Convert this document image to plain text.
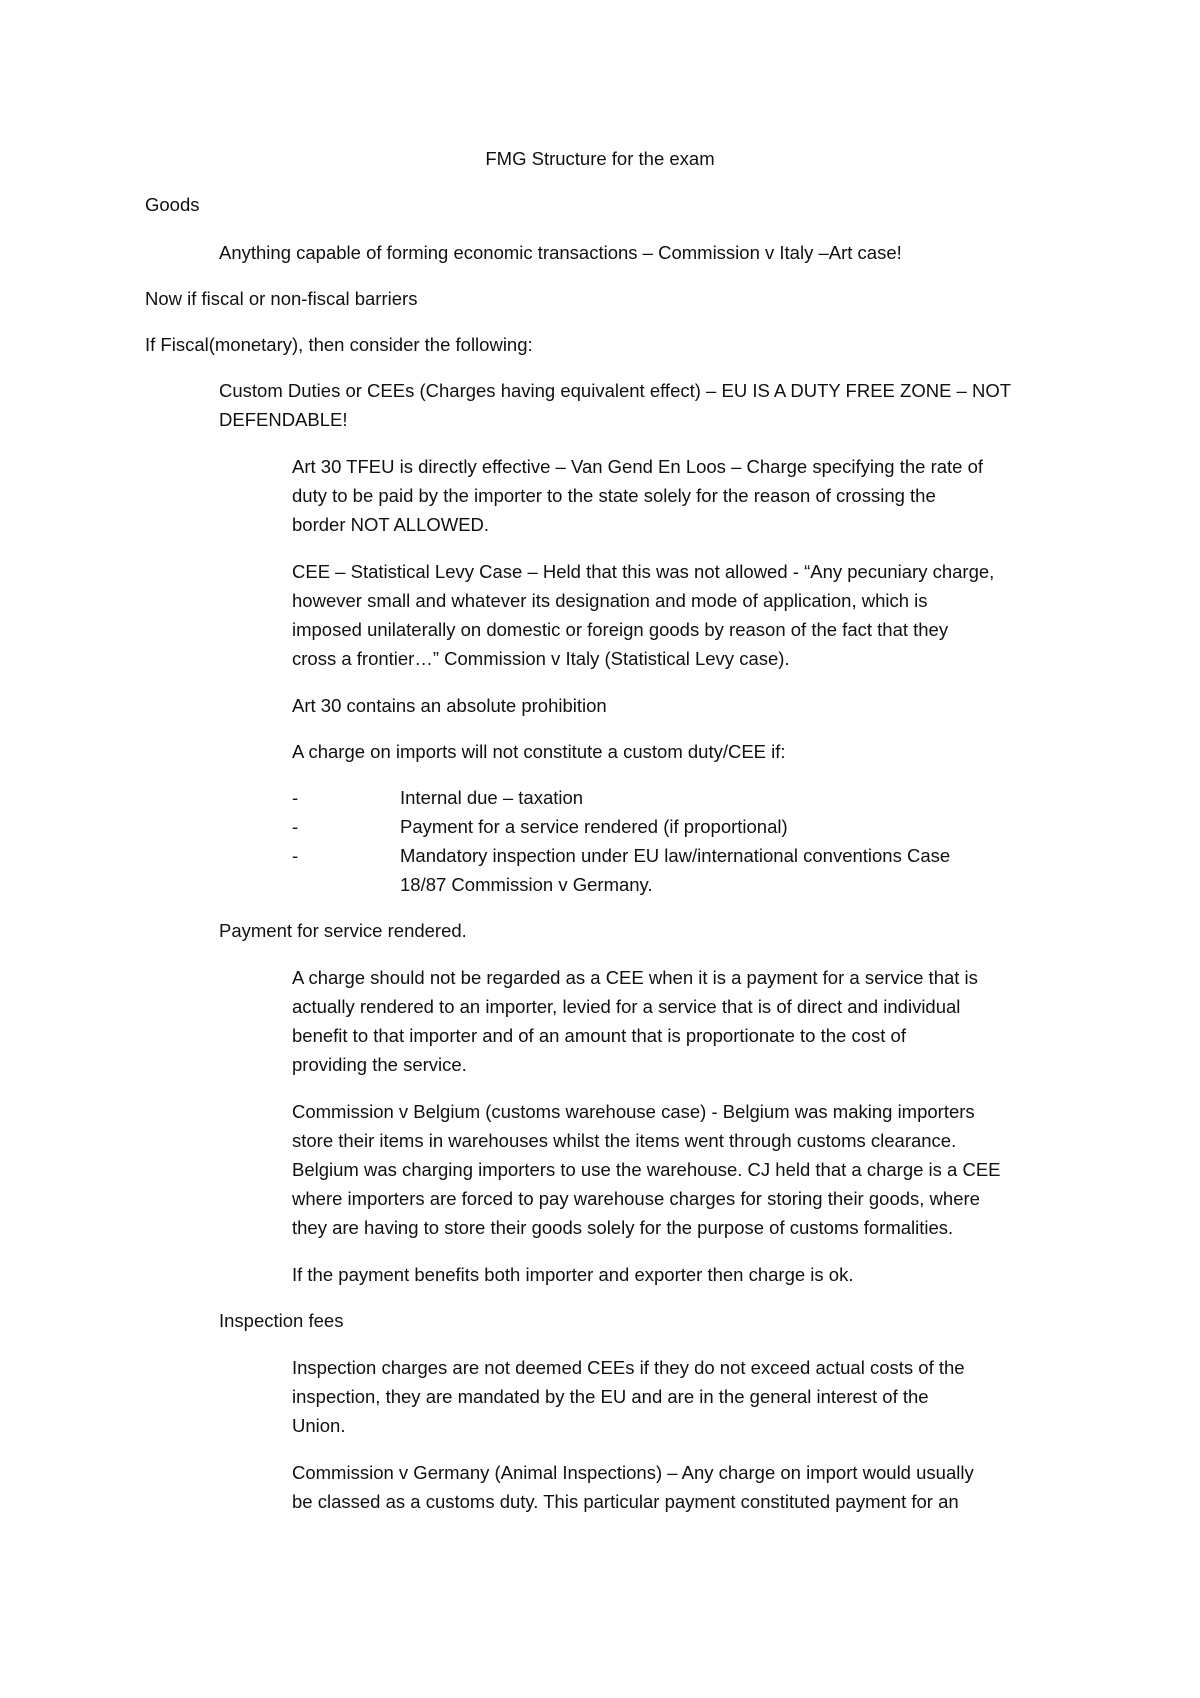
FMG Structure for the exam
Goods
Anything capable of forming economic transactions – Commission v Italy –Art case!
Now if fiscal or non-fiscal barriers
If Fiscal(monetary), then consider the following:
Custom Duties or CEEs (Charges having equivalent effect) – EU IS A DUTY FREE ZONE – NOT
DEFENDABLE!
Art 30 TFEU is directly effective – Van Gend En Loos – Charge specifying the rate of
duty to be paid by the importer to the state solely for the reason of crossing the
border NOT ALLOWED.
CEE – Statistical Levy Case – Held that this was not allowed - “Any pecuniary charge,
however small and whatever its designation and mode of application, which is
imposed unilaterally on domestic or foreign goods by reason of the fact that they
cross a frontier…” Commission v Italy (Statistical Levy case).
Art 30 contains an absolute prohibition
A charge on imports will not constitute a custom duty/CEE if:
-	Internal due – taxation
-	Payment for a service rendered (if proportional)
-	Mandatory inspection under EU law/international conventions Case
18/87 Commission v Germany.
Payment for service rendered.
A charge should not be regarded as a CEE when it is a payment for a service that is
actually rendered to an importer, levied for a service that is of direct and individual
benefit to that importer and of an amount that is proportionate to the cost of
providing the service.
Commission v Belgium (customs warehouse case) - Belgium was making importers
store their items in warehouses whilst the items went through customs clearance.
Belgium was charging importers to use the warehouse. CJ held that a charge is a CEE
where importers are forced to pay warehouse charges for storing their goods, where
they are having to store their goods solely for the purpose of customs formalities.
If the payment benefits both importer and exporter then charge is ok.
Inspection fees
Inspection charges are not deemed CEEs if they do not exceed actual costs of the
inspection, they are mandated by the EU and are in the general interest of the
Union.
Commission v Germany (Animal Inspections) – Any charge on import would usually
be classed as a customs duty. This particular payment constituted payment for an
